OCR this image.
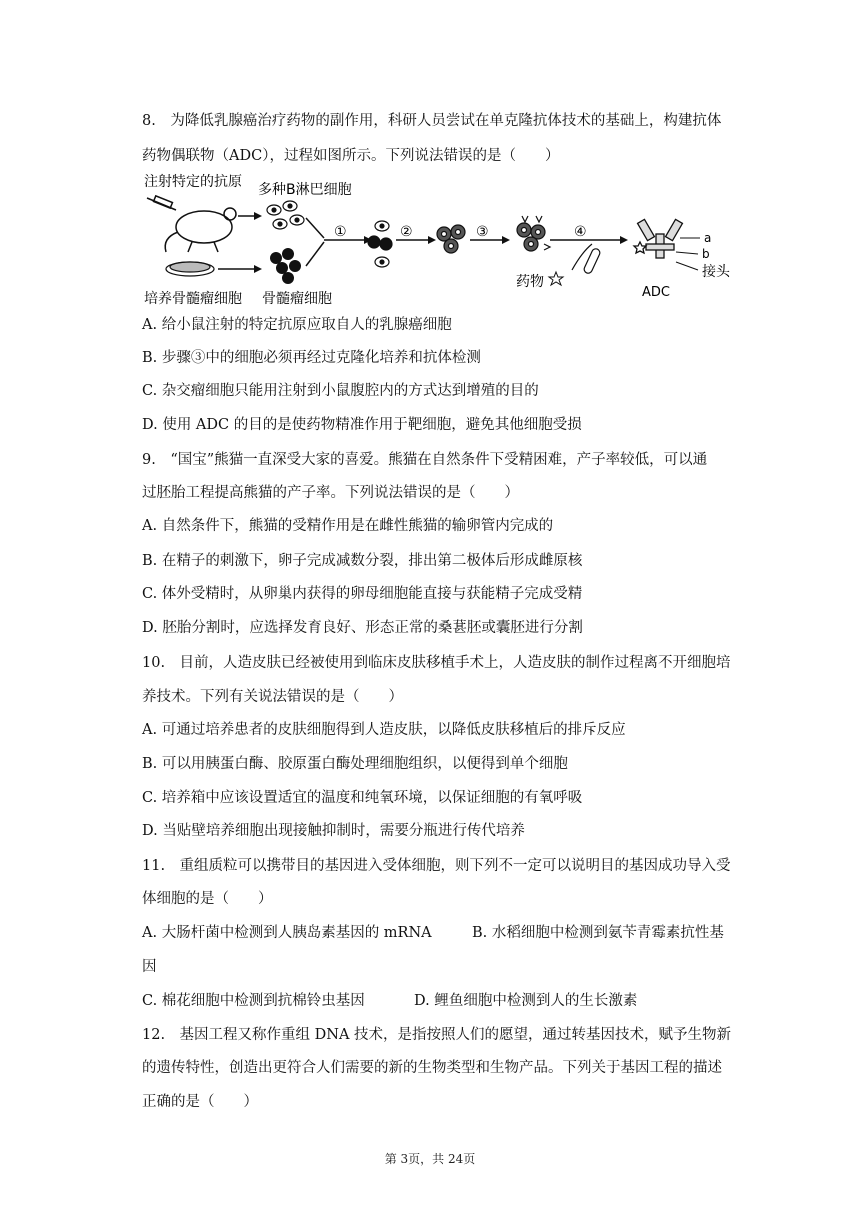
8.　为降低乳腺癌治疗药物的副作用，科研人员尝试在单克隆抗体技术的基础上，构建抗体
药物偶联物（ADC），过程如图所示。下列说法错误的是（　　）
注射特定的抗原 多种B淋巴细胞
①	②	③
药物
④	a
b
接头
ADC
培养骨髓瘤细胞 骨髓瘤细胞
A. 给小鼠注射的特定抗原应取自人的乳腺癌细胞
B. 步骤③中的细胞必须再经过克隆化培养和抗体检测
C. 杂交瘤细胞只能用注射到小鼠腹腔内的方式达到增殖的目的
D. 使用 ADC 的目的是使药物精准作用于靶细胞，避免其他细胞受损
9.　“国宝”熊猫一直深受大家的喜爱。熊猫在自然条件下受精困难，产子率较低，可以通
过胚胎工程提高熊猫的产子率。下列说法错误的是（　　）
A. 自然条件下，熊猫的受精作用是在雌性熊猫的输卵管内完成的
B. 在精子的刺激下，卵子完成减数分裂，排出第二极体后形成雌原核
C. 体外受精时，从卵巢内获得的卵母细胞能直接与获能精子完成受精
D. 胚胎分割时，应选择发育良好、形态正常的桑葚胚或囊胚进行分割
10.　目前，人造皮肤已经被使用到临床皮肤移植手术上，人造皮肤的制作过程离不开细胞培
养技术。下列有关说法错误的是（　　）
A. 可通过培养患者的皮肤细胞得到人造皮肤，以降低皮肤移植后的排斥反应
B. 可以用胰蛋白酶、胶原蛋白酶处理细胞组织，以便得到单个细胞
C. 培养箱中应该设置适宜的温度和纯氧环境，以保证细胞的有氧呼吸
D. 当贴壁培养细胞出现接触抑制时，需要分瓶进行传代培养
11.　重组质粒可以携带目的基因进入受体细胞，则下列不一定可以说明目的基因成功导入受
体细胞的是（　　）
A. 大肠杆菌中检测到人胰岛素基因的 mRNA	B. 水稻细胞中检测到氨苄青霉素抗性基
因
C. 棉花细胞中检测到抗棉铃虫基因	D. 鲤鱼细胞中检测到人的生长激素
12.　基因工程又称作重组 DNA 技术，是指按照人们的愿望，通过转基因技术，赋予生物新
的遗传特性，创造出更符合人们需要的新的生物类型和生物产品。下列关于基因工程的描述
正确的是（　　）
第 3页，共 24页
